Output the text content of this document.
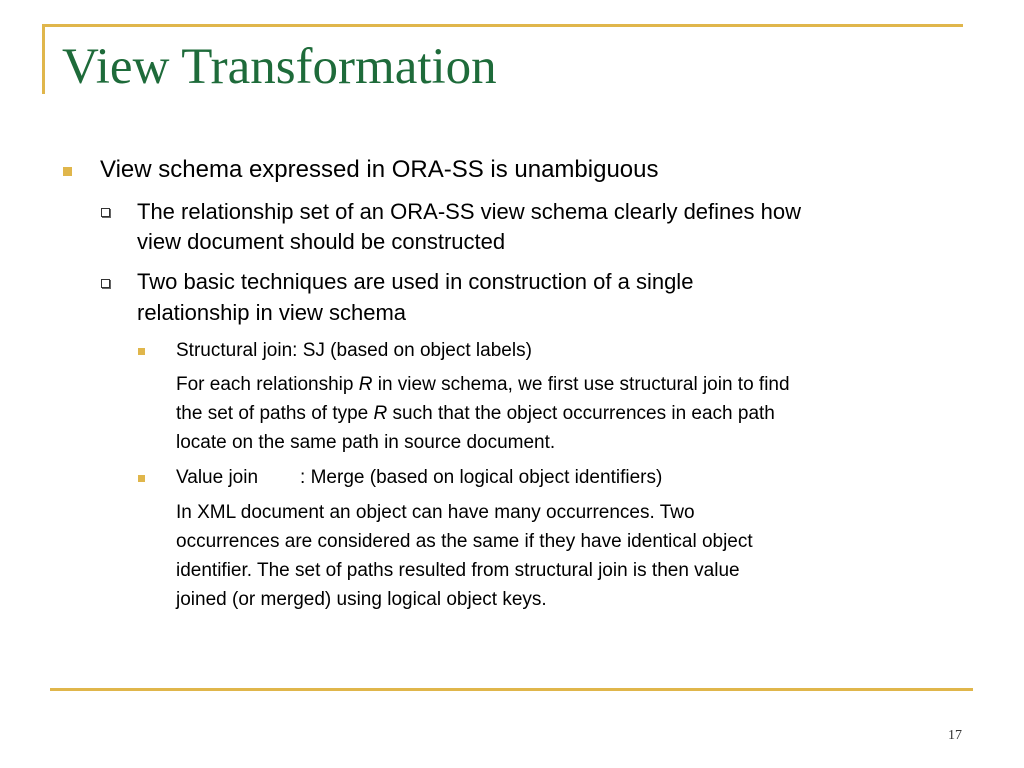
View Transformation
View schema expressed in ORA-SS is unambiguous
The relationship set of an ORA-SS view schema clearly defines how
view document should be constructed
Two basic techniques are used in construction of a single
relationship in view schema
Structural join: SJ (based on object labels)
For each relationship R in view schema, we first use structural join to find
the set of paths of type R such that the object occurrences in each path
locate on the same path in source document.
Value join : Merge (based on logical object identifiers)
In XML document an object can have many occurrences. Two
occurrences are considered as the same if they have identical object
identifier. The set of paths resulted from structural join is then value
joined (or merged) using logical object keys.
17
